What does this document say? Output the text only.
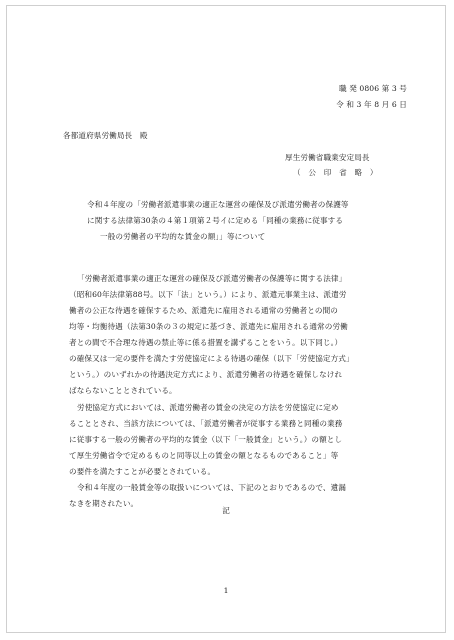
職 発 0806 第 3 号
令 和 3 年 8 月 6 日
各都道府県労働局長　殿
厚生労働省職業安定局長
（　公　印　省　略　）
令和４年度の「労働者派遣事業の適正な運営の確保及び派遣労働者の保護等
に関する法律第30条の４第１項第２号イに定める「同種の業務に従事する
一般の労働者の平均的な賃金の額」」等について
「労働者派遣事業の適正な運営の確保及び派遣労働者の保護等に関する法律」
（昭和60年法律第88号。以下「法」という。）により、派遣元事業主は、派遣労
働者の公正な待遇を確保するため、派遣先に雇用される通常の労働者との間の
均等・均衡待遇（法第30条の３の規定に基づき、派遣先に雇用される通常の労働
者との間で不合理な待遇の禁止等に係る措置を講ずることをいう。以下同じ。）
の確保又は一定の要件を満たす労使協定による待遇の確保（以下「労使協定方式」
という。）のいずれかの待遇決定方式により、派遣労働者の待遇を確保しなけれ
ばならないこととされている。
労使協定方式においては、派遣労働者の賃金の決定の方法を労使協定に定め
ることとされ、当該方法については、「派遣労働者が従事する業務と同種の業務
に従事する一般の労働者の平均的な賃金（以下「一般賃金」という。）の額とし
て厚生労働省令で定めるものと同等以上の賃金の額となるものであること」等
の要件を満たすことが必要とされている。
令和４年度の一般賃金等の取扱いについては、下記のとおりであるので、遺漏
なきを期されたい。
記
1
